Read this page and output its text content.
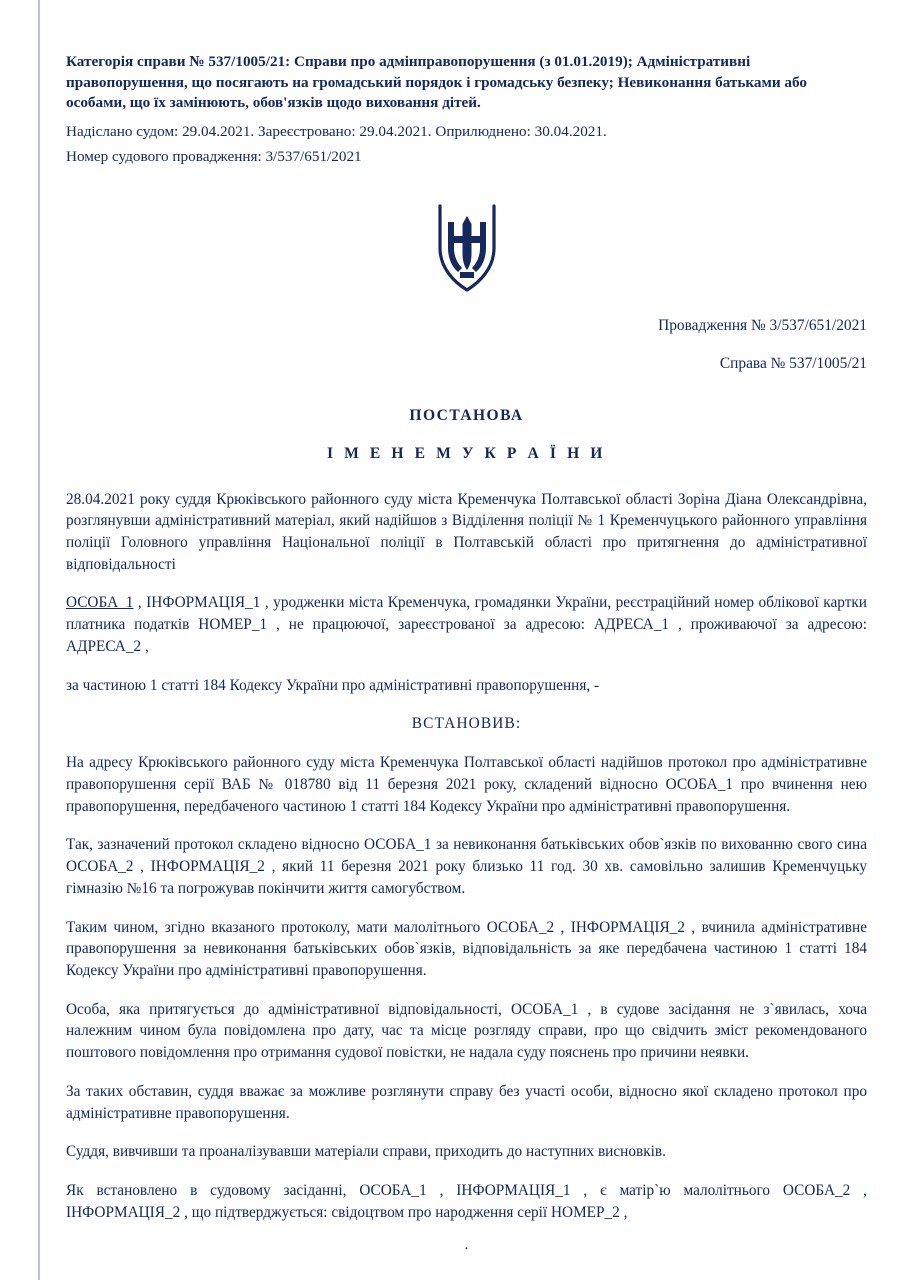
Категорія справи № 537/1005/21: Справи про адмінправопорушення (з 01.01.2019); Адміністративні правопорушення, що посягають на громадський порядок і громадську безпеку; Невиконання батьками або особами, що їх замінюють, обов'язків щодо виховання дітей.

Надіслано судом: 29.04.2021. Зареєстровано: 29.04.2021. Оприлюднено: 30.04.2021.

Номер судового провадження: 3/537/651/2021

Провадження № 3/537/651/2021
Справа № 537/1005/21
ПОСТАНОВА
І М Е Н Е М У К Р А Ї Н И

28.04.2021 року суддя Крюківського районного суду міста Кременчука Полтавської області Зоріна Діана Олександрівна, розглянувши адміністративний матеріал, який надійшов з Відділення поліції № 1 Кременчуцького районного управління поліції Головного управління Національної поліції в Полтавській області про притягнення до адміністративної відповідальності

ОСОБА_1 , ІНФОРМАЦІЯ_1 , уродженки міста Кременчука, громадянки України, реєстраційний номер облікової картки платника податків НОМЕР_1 , не працюючої, зареєстрованої за адресою: АДРЕСА_1 , проживаючої за адресою: АДРЕСА_2 ,

за частиною 1 статті 184 Кодексу України про адміністративні правопорушення, -

ВСТАНОВИВ:

На адресу Крюківського районного суду міста Кременчука Полтавської області надійшов протокол про адміністративне правопорушення серії ВАБ № 018780 від 11 березня 2021 року, складений відносно ОСОБА_1 про вчинення нею правопорушення, передбаченого частиною 1 статті 184 Кодексу України про адміністративні правопорушення.

Так, зазначений протокол складено відносно ОСОБА_1 за невиконання батьківських обов`язків по вихованню свого сина ОСОБА_2 , ІНФОРМАЦІЯ_2 , який 11 березня 2021 року близько 11 год. 30 хв. самовільно залишив Кременчуцьку гімназію №16 та погрожував покінчити життя самогубством.

Таким чином, згідно вказаного протоколу, мати малолітнього ОСОБА_2 , ІНФОРМАЦІЯ_2 , вчинила адміністративне правопорушення за невиконання батьківських обов`язків, відповідальність за яке передбачена частиною 1 статті 184 Кодексу України про адміністративні правопорушення.

Особа, яка притягується до адміністративної відповідальності, ОСОБА_1 , в судове засідання не з`явилась, хоча належним чином була повідомлена про дату, час та місце розгляду справи, про що свідчить зміст рекомендованого поштового повідомлення про отримання судової повістки, не надала суду пояснень про причини неявки.

За таких обставин, суддя вважає за можливе розглянути справу без участі особи, відносно якої складено протокол про адміністративне правопорушення.

Суддя, вивчивши та проаналізувавши матеріали справи, приходить до наступних висновків.

Як встановлено в судовому засіданні, ОСОБА_1 , ІНФОРМАЦІЯ_1 , є матір`ю малолітнього ОСОБА_2 , ІНФОРМАЦІЯ_2 , що підтверджується: свідоцтвом про народження серії НОМЕР_2 ,

.
